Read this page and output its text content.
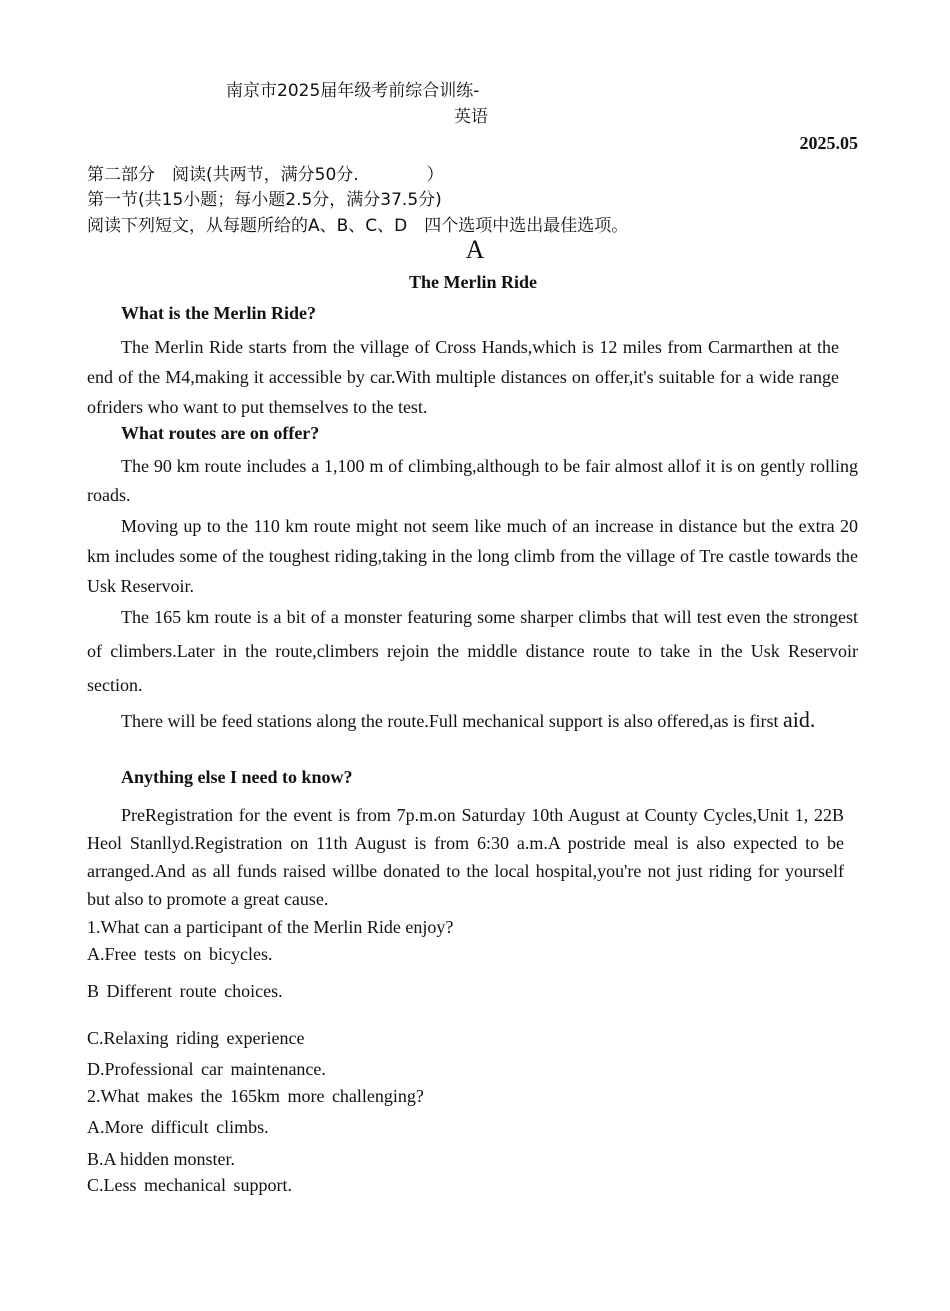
南京市2025届年级考前综合训练-
英语
2025.05
第二部分　阅读(共两节，满分50分.　　　　）
第一节(共15小题；每小题2.5分，满分37.5分)
阅读下列短文，从每题所给的A、B、C、D　四个选项中选出最佳选项。
A
The Merlin Ride
What is the Merlin Ride?
The Merlin Ride starts from the village of Cross Hands,which is 12 miles from Carmarthen at the end of the M4,making it accessible by car.With multiple distances on offer,it's suitable for a wide range ofriders who want to put themselves to the test.
What routes are on offer?
The 90 km route includes a 1,100 m of climbing,although to be fair almost allof it is on gently rolling roads.
Moving up to the 110 km route might not seem like much of an increase in distance but the extra 20 km includes some of the toughest riding,taking in the long climb from the village of Tre castle towards the Usk Reservoir.
The 165 km route is a bit of a monster featuring some sharper climbs that will test even the strongest of climbers.Later in the route,climbers rejoin the middle distance route to take in the Usk Reservoir section.
There will be feed stations along the route.Full mechanical support is also offered,as is first aid.
Anything else I need to know?
PreRegistration for the event is from 7p.m.on Saturday 10th August at County Cycles,Unit 1, 22B Heol Stanllyd.Registration on 11th August is from 6:30 a.m.A postride meal is also expected to be arranged.And as all funds raised willbe donated to the local hospital,you're not just riding for yourself but also to promote a great cause.
1.What can a participant of the Merlin Ride enjoy?
A.Free tests on bicycles.
B Different route choices.
C.Relaxing riding experience
D.Professional car maintenance.
2.What makes the 165km more challenging?
A.More difficult climbs.
B.A hidden monster.
C.Less mechanical support.
